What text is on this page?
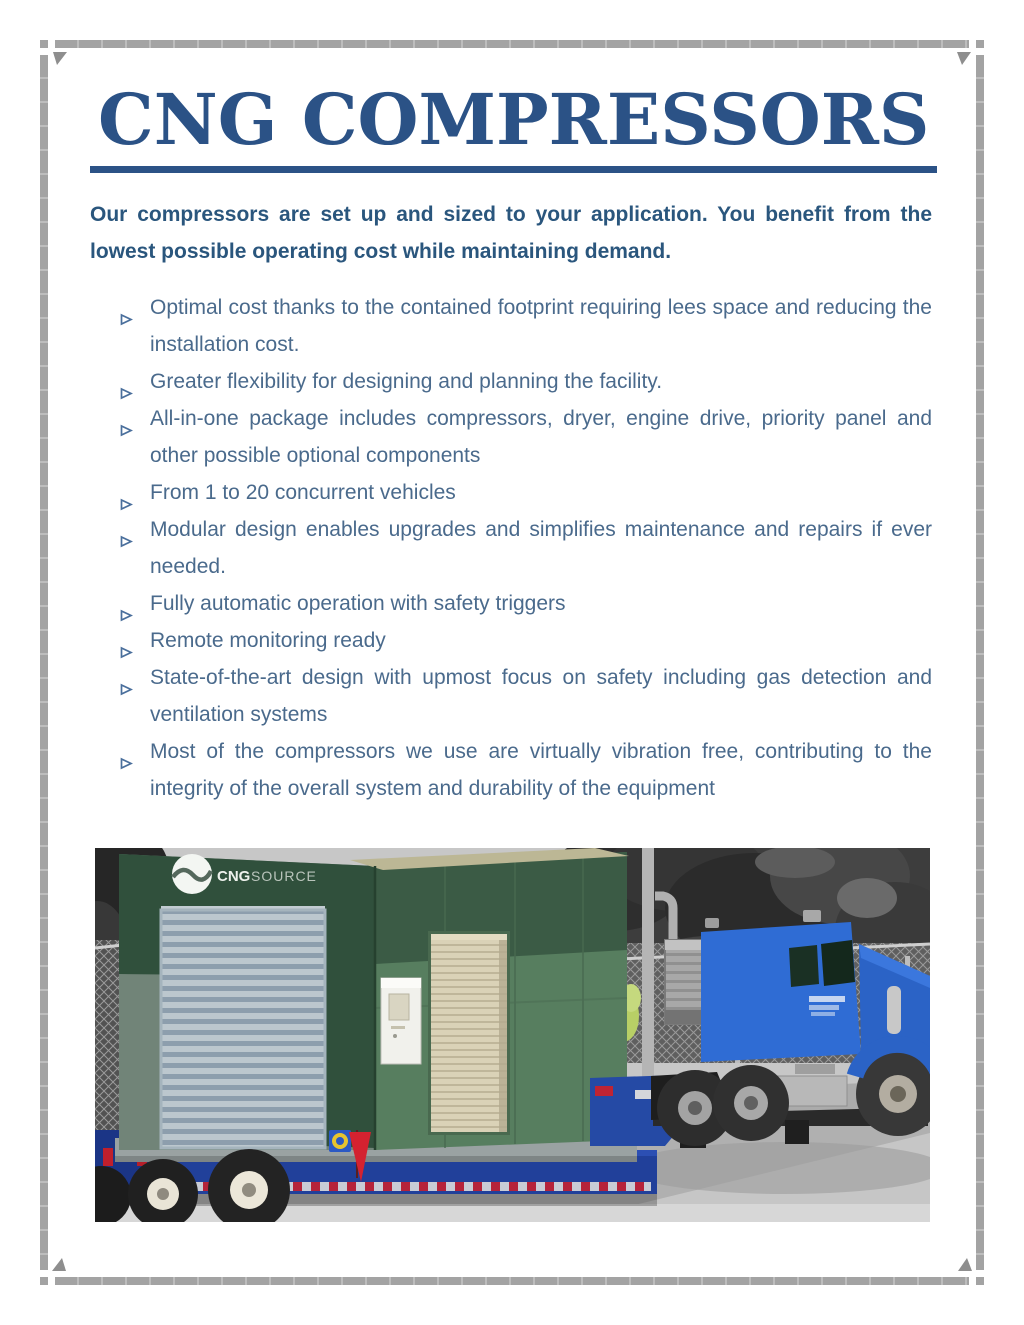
CNG COMPRESSORS

Our compressors are set up and sized to your application. You benefit from the lowest possible operating cost while maintaining demand.

Optimal cost thanks to the contained footprint requiring lees space and reducing the installation cost.
Greater flexibility for designing and planning the facility.
All-in-one package includes compressors, dryer, engine drive, priority panel and other possible optional components
From 1 to 20 concurrent vehicles
Modular design enables upgrades and simplifies maintenance and repairs if ever needed.
Fully automatic operation with safety triggers
Remote monitoring ready
State-of-the-art design with upmost focus on safety including gas detection and ventilation systems
Most of the compressors we use are virtually vibration free, contributing to the integrity of the overall system and durability of the equipment
CNG SOURCE
